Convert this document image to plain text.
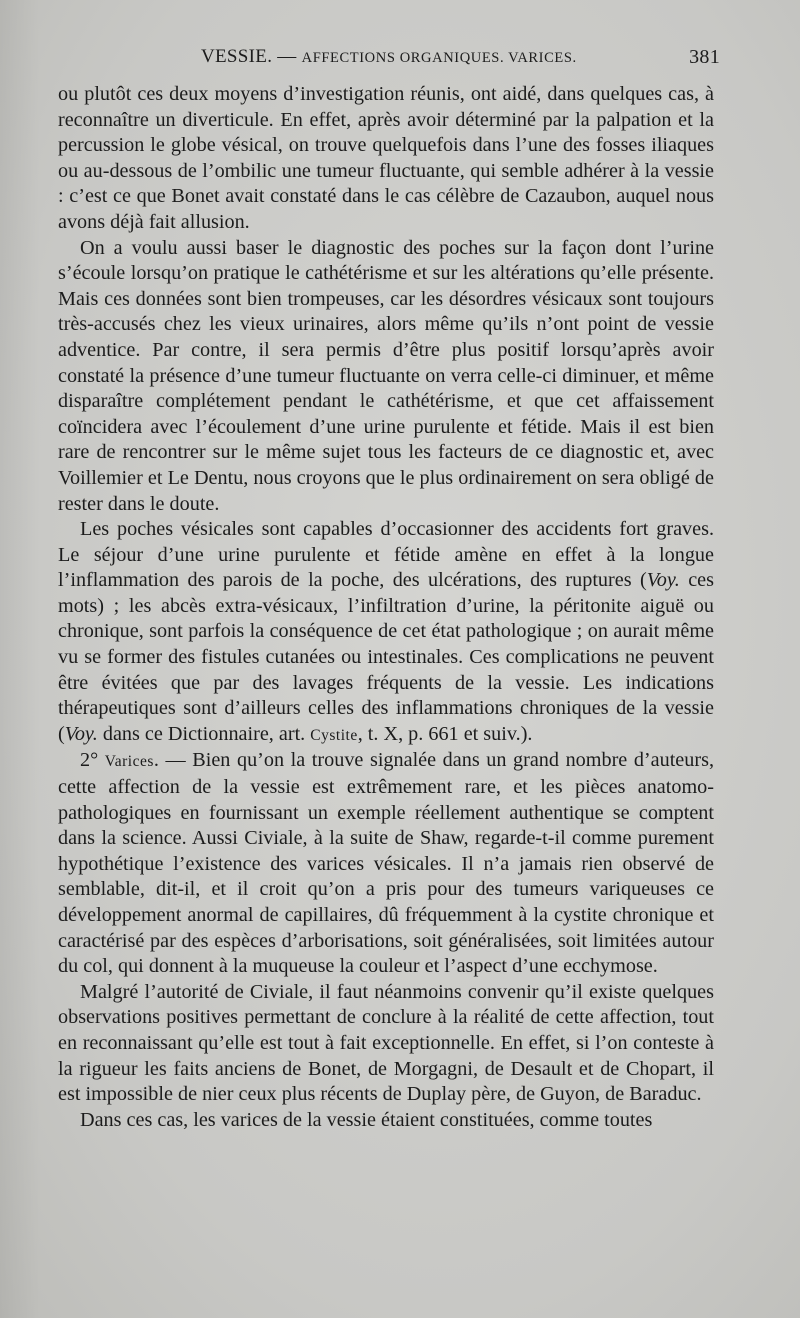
VESSIE. — AFFECTIONS ORGANIQUES. VARICES.	381

ou plutôt ces deux moyens d’investigation réunis, ont aidé, dans quelques cas, à reconnaître un diverticule. En effet, après avoir déterminé par la palpation et la percussion le globe vésical, on trouve quelquefois dans l’une des fosses iliaques ou au-dessous de l’ombilic une tumeur fluctuante, qui semble adhérer à la vessie : c’est ce que Bonet avait constaté dans le cas célèbre de Cazaubon, auquel nous avons déjà fait allusion.

On a voulu aussi baser le diagnostic des poches sur la façon dont l’urine s’écoule lorsqu’on pratique le cathétérisme et sur les altérations qu’elle présente. Mais ces données sont bien trompeuses, car les désordres vésicaux sont toujours très-accusés chez les vieux urinaires, alors même qu’ils n’ont point de vessie adventice. Par contre, il sera permis d’être plus positif lorsqu’après avoir constaté la présence d’une tumeur fluctuante on verra celle-ci diminuer, et même disparaître complétement pendant le cathétérisme, et que cet affaissement coïncidera avec l’écoulement d’une urine purulente et fétide. Mais il est bien rare de rencontrer sur le même sujet tous les facteurs de ce diagnostic et, avec Voillemier et Le Dentu, nous croyons que le plus ordinairement on sera obligé de rester dans le doute.

Les poches vésicales sont capables d’occasionner des accidents fort graves. Le séjour d’une urine purulente et fétide amène en effet à la longue l’inflammation des parois de la poche, des ulcérations, des ruptures (Voy. ces mots) ; les abcès extra-vésicaux, l’infiltration d’urine, la péritonite aiguë ou chronique, sont parfois la conséquence de cet état pathologique ; on aurait même vu se former des fistules cutanées ou intestinales. Ces complications ne peuvent être évitées que par des lavages fréquents de la vessie. Les indications thérapeutiques sont d’ailleurs celles des inflammations chroniques de la vessie (Voy. dans ce Dictionnaire, art. Cystite, t. X, p. 661 et suiv.).

2° Varices. — Bien qu’on la trouve signalée dans un grand nombre d’auteurs, cette affection de la vessie est extrêmement rare, et les pièces anatomo-pathologiques en fournissant un exemple réellement authentique se comptent dans la science. Aussi Civiale, à la suite de Shaw, regarde-t-il comme purement hypothétique l’existence des varices vésicales. Il n’a jamais rien observé de semblable, dit-il, et il croit qu’on a pris pour des tumeurs variqueuses ce développement anormal de capillaires, dû fréquemment à la cystite chronique et caractérisé par des espèces d’arborisations, soit généralisées, soit limitées autour du col, qui donnent à la muqueuse la couleur et l’aspect d’une ecchymose.

Malgré l’autorité de Civiale, il faut néanmoins convenir qu’il existe quelques observations positives permettant de conclure à la réalité de cette affection, tout en reconnaissant qu’elle est tout à fait exceptionnelle. En effet, si l’on conteste à la rigueur les faits anciens de Bonet, de Morgagni, de Desault et de Chopart, il est impossible de nier ceux plus récents de Duplay père, de Guyon, de Baraduc.

Dans ces cas, les varices de la vessie étaient constituées, comme toutes
